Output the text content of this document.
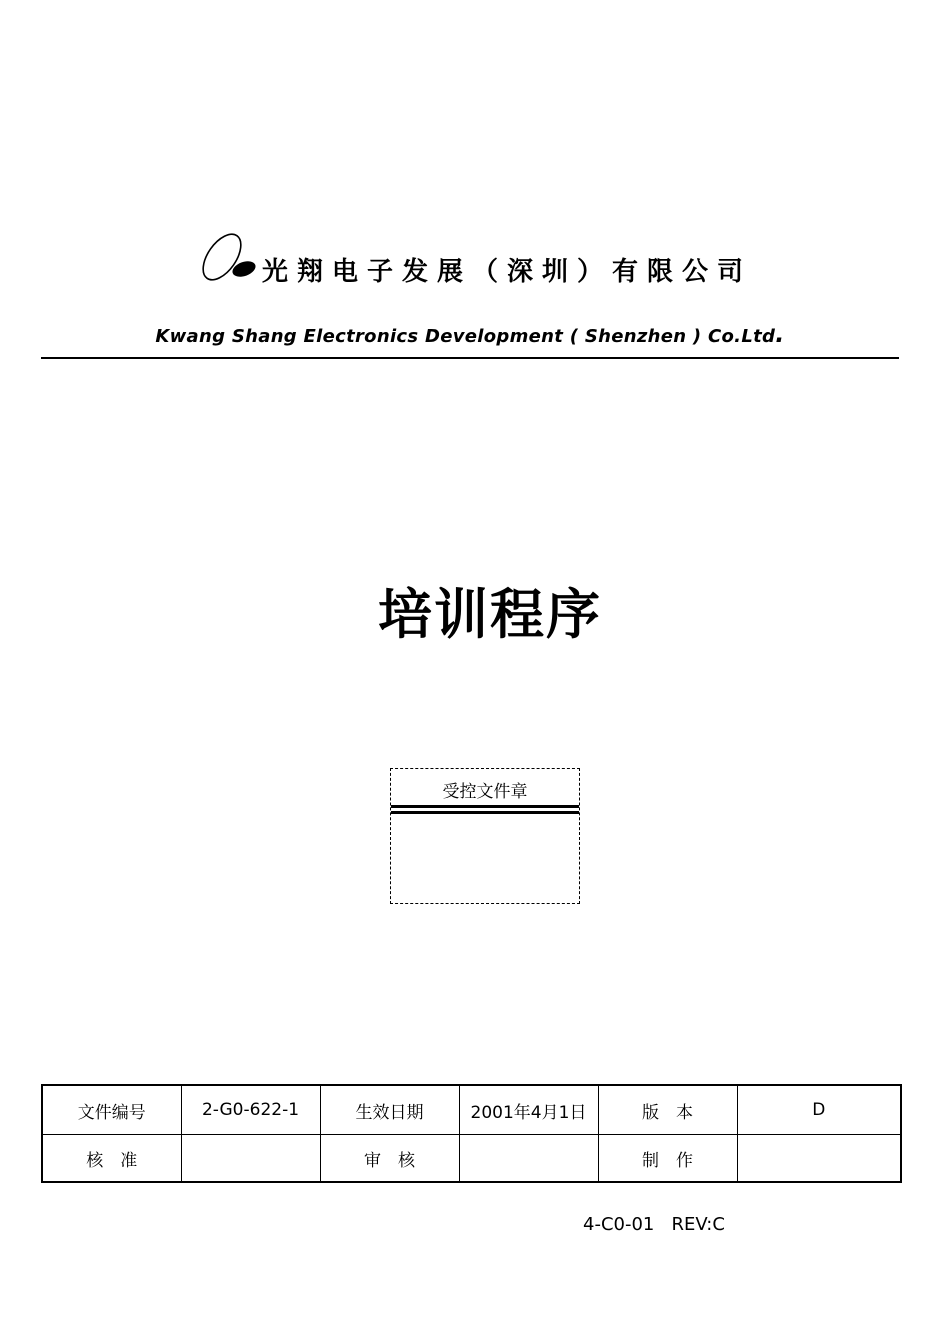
光翔电子发展（深圳）有限公司
Kwang Shang Electronics Development ( Shenzhen ) Co.Ltd.
培训程序
受控文件章
文件编号	2-G0-622-1	生效日期	2001年4月1日	版　本	D
核　准		审　核		制　作	
4-C0-01 REV:C
